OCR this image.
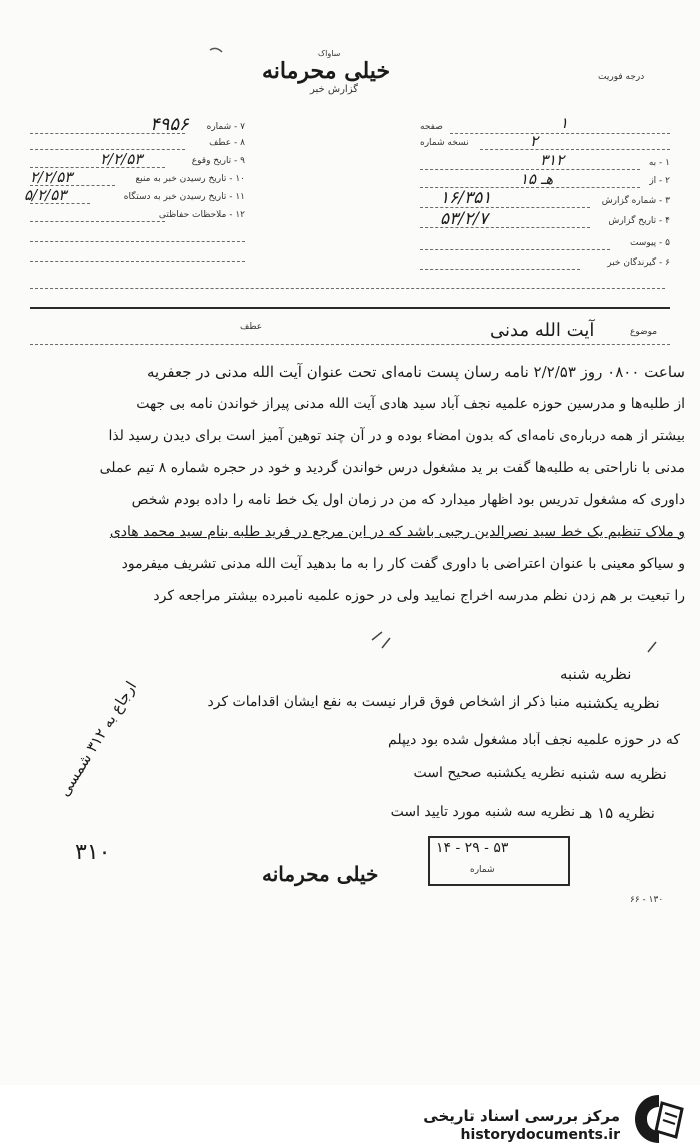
خیلی محرمانه
ساواک
گزارش خبر
درجه فوریت
۷ - شماره
۴۹۵۶
۸ - عطف
۹ - تاریخ وقوع
۲/۲/۵۳
۱۰ - تاریخ رسیدن خبر به منبع
۲/۲/۵۳
۱۱ - تاریخ رسیدن خبر به دستگاه
۵/۲/۵۳
۱۲ - ملاحظات حفاظتی
صفحه	۱
نسخه شماره	۲
۱ - به
۳۱۲
۲ - از
۱۵ هـ
۳ - شماره گزارش
۱۶/۳۵۱
۴ - تاریخ گزارش
۵۳/۲/۷
۵ - پیوست
۶ - گیرندگان خبر
موضوع
آیت الله مدنی
عطف
ساعت ۰۸۰۰ روز ۲/۲/۵۳ نامه رسان پست نامه‌ای تحت عنوان آیت الله مدنی در جعفریه
از طلبه‌ها و مدرسین حوزه علمیه نجف آباد سید هادی آیت الله مدنی پیراز خواندن نامه بی جهت
بیشتر از همه درباره‌ی نامه‌ای که بدون امضاء بوده و در آن چند توهین آمیز است برای دیدن رسید لذا
مدنی با ناراحتی به طلبه‌ها گفت بر ید مشغول درس خواندن گردید و خود در حجره شماره ۸ تیم عملی
داوری که مشغول تدریس بود اظهار میدارد که من در زمان اول یک خط نامه را داده بودم شخص
و ملاک تنظیم یک خط سید نصرالدین رجبی باشد که در این مرجع در فرید طلبه بنام سید محمد هادی
و سیاکو معینی با عنوان اعتراضی با داوری گفت کار را به ما بدهید آیت الله مدنی تشریف میفرمود
را تبعیت بر هم زدن نظم مدرسه اخراج نمایید ولی در حوزه علمیه نامبرده بیشتر مراجعه کرد
نظریه شنبه
نظریه یکشنبه
منبا ذکر از اشخاص فوق قرار نیست به نفع ایشان اقدامات کرد
که در حوزه علمیه نجف آباد مشغول شده بود دیپلم
نظریه سه شنبه
نظریه یکشنبه صحیح است
نظریه ۱۵ هـ
نظریه سه شنبه مورد تایید است
ارجاع به ۳۱۲ شمسی
۳۱۰	۱۴ - ۲۹ - ۵۳
شماره
خیلی محرمانه
۱۳۰ - ۶۶
مرکز بررسی اسناد تاریخی
historydocuments.ir
